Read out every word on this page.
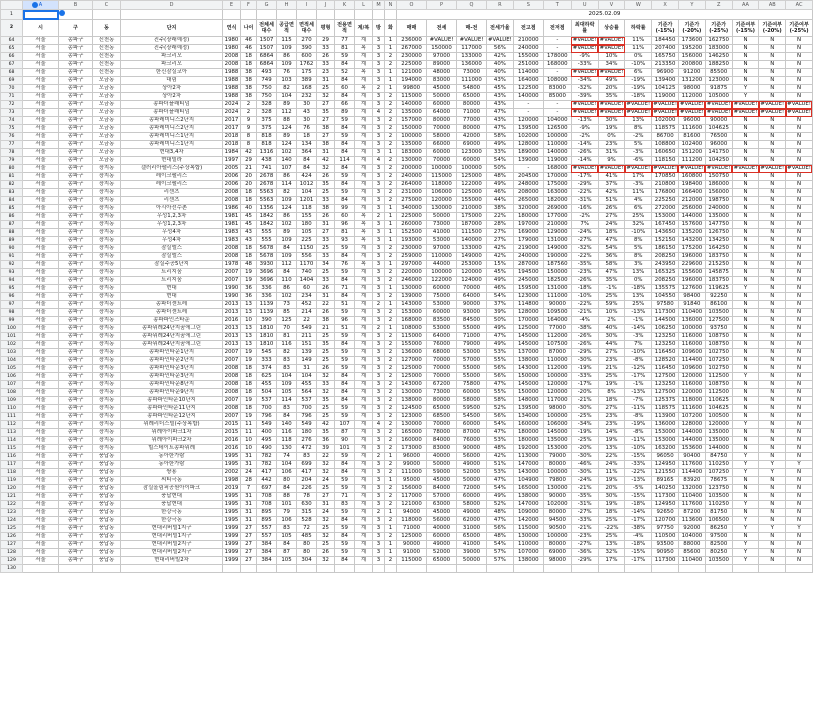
	A	B	C	D	E	F	G	H	I	J	K	L	M	N	O	P	Q	R	S	T	U	V	W	X	Y	Z	AA	AB	AC
1															2025.02.09														
2	시	구	동	단지	연식	나이	전체세대수	공급면적	면적세대수	평형	전용면적	계/복	방	화	매매	전세	매-전	전세가율	전고점	전저점	최대하락률	상승률	하락률	기준가(-15%)	기준가(-20%)	기준가(-25%)	기준여부(-15%)	기준여부(-20%)	기준여부(-25%)
64	서울	송파구	신천동	진주(장래예정)	1980	46	1507	115	270	29	77	계	3	1	236000	#VALUE!	#VALUE!	#VALUE!	210000	-	#VALUE!	#VALUE!	11%	184450	173600	162750	N	N	N
65	서울	송파구	신천동	진주(장래예정)	1980	46	1507	109	390	33	81	복	3	1	267000	150000	117000	56%	240000	-	#VALUE!	#VALUE!	11%	207400	195200	183000	N	N	N
66	서울	송파구	신천동	파크리오	2008	18	6864	86	600	26	59	계	3	2	230000	97000	133000	42%	155000	178000	-9%	10%	0%	165750	156000	146250	N	N	N
67	서울	송파구	신천동	파크리오	2008	18	6864	109	1762	33	84	계	3	2	225000	89000	136000	40%	251000	168000	-33%	34%	-10%	213350	200800	188250	N	N	N
68	서울	송파구	신천동	한신잠실코아	1988	38	493	76	175	23	52	복	3	1	121000	48000	73000	40%	114000	-	#VALUE!	#VALUE!	6%	96900	91200	85500	N	N	N
69	서울	송파구	오금동	대림	1988	38	749	103	389	31	84	계	3	1	194000	83000	111000	43%	164000	108000	-34%	49%	-19%	139400	131200	123000	N	N	N
70	서울	송파구	오금동	상아2차	1988	38	750	82	168	25	60	복	2	1	99800	45000	54800	45%	122500	83000	-32%	20%	-19%	104125	98000	91875	Y	N	N
71	서울	송파구	오금동	상아2차	1988	38	750	104	232	32	84	계	3	2	115000	50000	65000	43%	140000	85000	-39%	35%	-18%	119000	112000	105000	Y	N	N
72	서울	송파구	오금동	송파더플래티넘	2024	2	328	89	30	27	66	계	3	2	140000	60000	80000	43%	-	-	#VALUE!	#VALUE!	#VALUE!	#VALUE!	#VALUE!	#VALUE!	#VALUE!	#VALUE!	#VALUE!
73	서울	송파구	오금동	송파더플래티넘	2024	2	328	112	43	35	89	계	4	2	135000	64000	71000	47%	-	-	#VALUE!	#VALUE!	#VALUE!	#VALUE!	#VALUE!	#VALUE!	#VALUE!	#VALUE!	#VALUE!
74	서울	송파구	오금동	송파레미니스2단지	2017	9	375	88	30	27	59	계	3	2	157000	80000	77000	43%	120000	104000	-13%	30%	13%	102000	96000	90000	N	N	N
75	서울	송파구	오금동	송파레미니스2단지	2017	9	375	124	76	38	84	계	3	2	150000	70000	80000	47%	139500	126500	-9%	19%	8%	118575	111600	104625	N	N	N
76	서울	송파구	오금동	송파레미니스1단지	2018	8	818	89	18	27	59	계	3	2	100000	58000	42000	58%	102000	100000	-2%	0%	-2%	86700	81600	76500	N	N	N
77	서울	송파구	오금동	송파레미니스1단지	2018	8	818	124	134	38	84	계	3	2	135000	66000	69000	49%	128000	110000	-14%	23%	5%	108800	102400	96000	N	N	N
78	서울	송파구	오금동	현대3,4차	1984	42	1316	102	364	31	84	계	3	1	183000	60000	123000	33%	189000	140000	-26%	31%	-3%	160650	151200	141750	N	N	N
79	서울	송파구	오금동	현대빌라	1997	29	438	140	84	42	114	계	4	2	130000	70000	60000	54%	139000	119000	-14%	9%	-6%	118150	111200	104250	N	N	N
80	서울	송파구	장지동	갤러리아팰리스(주상복합)	2005	21	741	107	84	32	84	계	3	2	200000	100000	100000	50%	-	168000	#VALUE!	#VALUE!	#VALUE!	#VALUE!	#VALUE!	#VALUE!	#VALUE!	#VALUE!	#VALUE!
81	서울	송파구	장지동	레이크팰리스	2006	20	2678	86	424	26	59	계	3	2	240000	115000	125000	48%	204500	170000	-17%	41%	17%	170850	160800	150750	N	N	N
82	서울	송파구	장지동	레이크팰리스	2006	20	2678	114	1012	35	84	계	3	2	264000	118000	122000	49%	248000	175000	-29%	37%	-3%	210800	198400	186000	N	N	N
83	서울	송파구	장지동	리센츠	2008	18	5563	82	104	25	59	계	3	2	231000	106000	125000	46%	208000	163000	-22%	42%	11%	176800	166400	156000	N	N	N
84	서울	송파구	장지동	리센츠	2008	18	5563	109	1201	33	84	계	3	2	275000	120000	155000	44%	265000	182000	-31%	51%	4%	225250	212000	198750	N	N	N
85	서울	송파구	장지동	아시아선수촌	1986	40	1356	124	118	38	99	계	3	1	340000	130000	210000	38%	320000	269000	-16%	26%	6%	272000	256000	240000	N	N	N
86	서울	송파구	장지동	우성1,2,3차	1981	45	1842	86	155	26	60	복	2	1	225000	50000	175000	22%	180000	177000	-2%	27%	25%	153000	144000	135000	N	N	N
87	서울	송파구	장지동	우성1,2,3차	1981	45	1842	102	180	31	96	복	3	1	260000	73000	187000	28%	197000	210000	7%	24%	32%	167450	157600	147750	N	N	N
88	서울	송파구	장지동	우성4차	1983	43	555	89	105	27	81	복	3	1	152500	41000	111500	27%	169000	129000	-24%	18%	-10%	143650	135200	126750	N	N	N
89	서울	송파구	장지동	우성4차	1983	43	555	109	225	33	93	복	3	1	193000	53000	140000	27%	179000	131000	-27%	47%	8%	152150	143200	134250	N	N	N
90	서울	송파구	장지동	잠실엘스	2008	18	5678	84	1150	25	59	계	3	2	230000	97000	133000	42%	219000	149000	-32%	54%	5%	186150	175200	164250	N	N	N
91	서울	송파구	장지동	잠실엘스	2008	18	5678	109	556	33	84	계	3	2	259000	110000	149000	42%	240000	190000	-22%	36%	8%	208250	196000	183750	N	N	N
92	서울	송파구	장지동	잠실주공5단지	1978	48	3930	112	1170	34	76	복	3	1	297000	44000	253000	15%	287000	187560	-35%	58%	3%	243950	229600	215250	N	N	N
93	서울	송파구	장지동	트리지움	2007	19	3696	84	740	25	59	계	3	2	220000	100000	120000	45%	194500	150000	-23%	47%	13%	165325	155600	145875	N	N	N
94	서울	송파구	장지동	트리지움	2007	19	3696	110	1404	33	84	계	3	2	246000	122000	124000	49%	245000	182500	-26%	35%	0%	208250	196000	183750	N	N	N
95	서울	송파구	장지동	현대	1990	36	336	86	60	26	71	계	3	1	130000	60000	70000	46%	159500	131000	-18%	-1%	-18%	135575	127600	119625	Y	N	N
96	서울	송파구	장지동	현대	1990	36	336	102	234	31	84	계	3	2	139000	75000	64000	54%	123000	111000	-10%	25%	13%	104550	98400	92250	N	N	N
97	서울	송파구	장지동	송파더센트레	2013	13	1139	73	452	22	51	계	2	1	143000	53000	90000	37%	114800	90000	-22%	59%	25%	97580	91840	86100	N	N	N
98	서울	송파구	장지동	송파더센트레	2013	13	1139	85	214	26	59	계	3	2	153000	60000	93000	39%	128000	109500	-21%	10%	-13%	117300	110400	103500	N	N	N
99	서울	송파구	장지동	송파파인즈타운	2016	10	390	125	22	38	96	계	3	2	168000	83500	84500	50%	170000	164000	-4%	2%	-1%	144500	136000	127500	N	N	N
100	서울	송파구	장지동	송파위례24단지꿈에그린	2013	13	1810	70	549	21	51	계	2	1	108000	53000	55000	49%	125000	77000	-38%	40%	-14%	106250	100000	93750	N	N	N
101	서울	송파구	장지동	송파위례24단지꿈에그린	2013	13	1810	81	211	25	59	계	3	2	115000	64000	71000	47%	145000	112000	-26%	30%	-3%	123250	116000	108750	N	N	N
102	서울	송파구	장지동	송파위례24단지꿈에그린	2013	13	1810	116	151	35	84	계	3	2	155000	76000	79000	49%	145000	107500	-26%	44%	7%	123250	116000	108750	N	N	N
103	서울	송파구	장지동	송파파인타운1단지	2007	19	545	82	139	25	59	계	3	2	136000	68000	53000	53%	137000	87000	-29%	27%	-10%	116450	109600	102750	N	N	N
104	서울	송파구	장지동	송파파인타운2단지	2007	19	333	83	149	25	59	계	3	2	127000	70000	57000	55%	138000	110000	-30%	23%	-8%	128520	114400	107250	N	N	N
105	서울	송파구	장지동	송파파인타운3단지	2008	18	374	83	31	26	59	계	3	2	125000	70000	55000	56%	143000	112000	-19%	21%	-12%	116450	109600	102750	N	N	N
106	서울	송파구	장지동	송파파인타운3단지	2008	18	625	104	104	32	84	계	3	2	125000	70000	55000	56%	150000	100000	-33%	25%	-17%	127500	120000	112500	Y	N	N
107	서울	송파구	장지동	송파파인타운8단지	2008	18	455	109	455	33	84	계	3	2	143000	67200	75800	47%	145000	120000	-17%	19%	-1%	123250	116000	108750	N	N	N
108	서울	송파구	장지동	송파파인타운9단지	2008	18	504	105	564	32	84	계	3	2	130000	73000	60000	55%	150000	120000	-20%	8%	-13%	127500	120000	112500	N	N	N
109	서울	송파구	장지동	송파파인타운10단지	2007	19	537	114	537	35	84	계	3	2	138000	80000	58000	58%	148000	117000	-21%	18%	-7%	125375	118000	110625	N	N	N
110	서울	송파구	장지동	송파파인타운11단지	2008	18	700	83	700	25	59	계	3	2	124500	65000	59500	52%	139500	98000	-30%	27%	-11%	118575	111600	104625	N	N	N
111	서울	송파구	장지동	송파파인타운12단지	2007	19	796	84	796	25	59	계	3	2	123000	68500	54500	56%	134000	100000	-25%	23%	-8%	113900	107200	100500	N	N	N
112	서울	송파구	장지동	위례리더스빌(주상복합)	2015	11	549	140	549	42	107	계	4	2	130000	70000	60000	54%	160000	106000	-34%	23%	-19%	136000	128000	120000	Y	N	N
113	서울	송파구	장지동	위례아이파크1차	2015	11	400	116	180	35	87	계	3	2	165000	78000	87000	47%	180000	145000	-19%	14%	-8%	153000	144000	135000	N	N	N
114	서울	송파구	장지동	위례아이파크2차	2016	10	495	118	276	36	90	계	3	2	160000	84000	76000	53%	180000	135000	-25%	19%	-11%	153000	144000	135000	N	N	N
115	서울	송파구	장지동	힐스테이트송파위례	2016	10	490	130	472	39	101	계	3	2	173000	83000	90000	48%	192000	153000	-20%	13%	-10%	163200	153600	144000	N	N	N
116	서울	송파구	풍납동	동아한가람	1995	31	782	74	83	22	59	계	2	1	96000	40000	56000	42%	113000	79000	-30%	22%	-15%	96050	90400	84750	Y	N	N
117	서울	송파구	풍납동	동아한가람	1995	31	782	104	699	32	84	계	3	2	99000	50000	49000	51%	147000	80000	-46%	24%	-33%	124950	117600	110250	Y	Y	Y
118	서울	송파구	풍납동	쌍용	2002	24	417	106	417	32	84	계	3	2	111000	59000	52000	53%	143000	100000	-30%	11%	-22%	121550	114400	107250	Y	Y	N
119	서울	송파구	풍납동	씨티극동	1998	28	442	80	204	24	59	계	3	1	95000	45000	50000	47%	104900	79800	-24%	19%	-13%	89165	83920	78675	N	N	N
120	서울	송파구	풍납동	잠실올림픽공원아이파크	2019	7	697	84	226	25	59	계	3	2	156000	84000	72000	54%	165000	130000	-21%	20%	-5%	140250	132000	123750	N	N	N
121	서울	송파구	풍납동	풍납현대	1995	31	708	88	78	27	71	계	3	2	117000	57000	60000	49%	138000	90000	-35%	30%	-15%	117300	110400	103500	N	N	N
122	서울	송파구	풍납동	풍납현대	1995	31	708	101	630	31	83	계	3	2	121000	63000	58000	52%	147000	102000	-31%	19%	-18%	124950	117600	110250	Y	N	N
123	서울	송파구	풍납동	한강극동	1995	31	895	79	315	24	59	계	2	1	94000	45000	49000	48%	109000	80000	-27%	18%	-14%	92650	87200	81750	N	N	N
124	서울	송파구	풍납동	한강극동	1995	31	895	106	528	32	84	계	3	2	118000	56000	62000	47%	142000	94500	-33%	25%	-17%	120700	113600	106500	Y	N	N
125	서울	송파구	풍납동	현대리버빌1지구	1999	27	557	83	72	25	59	계	3	1	71000	40000	31000	56%	115000	90500	-21%	-22%	-38%	97750	92000	86250	Y	Y	Y
126	서울	송파구	풍납동	현대리버빌1지구	1999	27	557	105	485	32	84	계	3	2	125000	60000	65000	48%	130000	100000	-23%	25%	-4%	110500	104000	97500	N	N	N
127	서울	송파구	풍납동	현대리버빌2지구	1999	27	384	84	80	25	59	계	3	1	90000	49000	41000	54%	110000	80000	-27%	13%	-18%	93500	88000	82500	Y	N	N
128	서울	송파구	풍납동	현대리버빌2지구	1999	27	384	87	80	26	59	계	3	1	91000	52000	39000	57%	107000	69000	-36%	32%	-15%	90950	85600	80250	Y	N	N
129	서울	송파구	풍납동	현대리버빌2차	1999	27	384	105	304	32	84	계	3	2	115000	65000	50000	57%	138000	98000	-29%	17%	-17%	117300	110400	103500	Y	N	N
130																													
